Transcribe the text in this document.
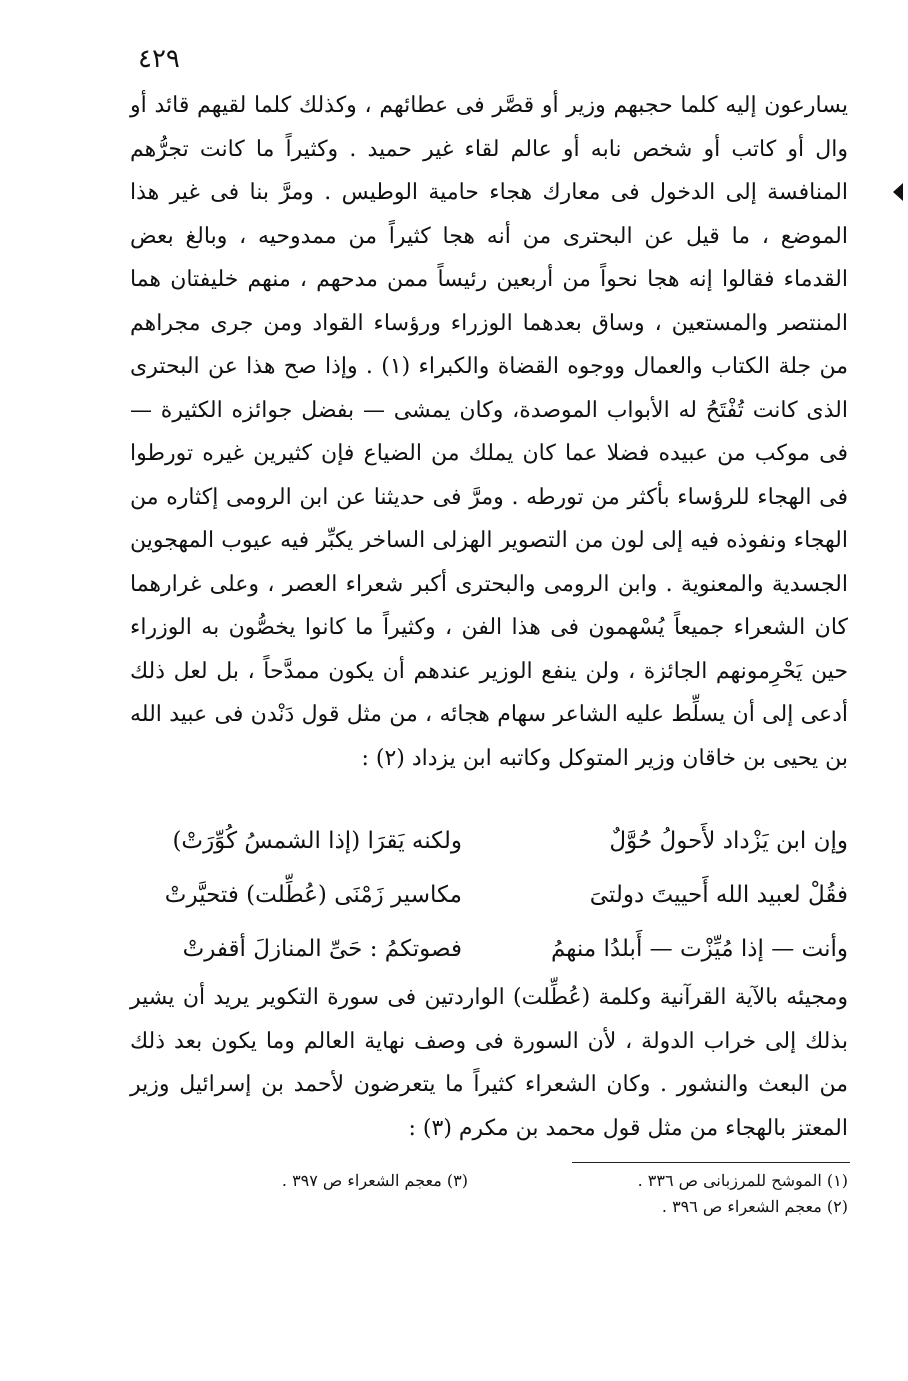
٤٢٩

يسارعون إليه كلما حجبهم وزير أو قصَّر فى عطائهم ، وكذلك كلما لقيهم قائد أو وال أو كاتب أو شخص نابه أو عالم لقاء غير حميد . وكثيراً ما كانت تجرُّهم المنافسة إلى الدخول فى معارك هجاء حامية الوطيس . ومرَّ بنا فى غير هذا الموضع ، ما قيل عن البحترى من أنه هجا كثيراً من ممدوحيه ، وبالغ بعض القدماء فقالوا إنه هجا نحواً من أربعين رئيساً ممن مدحهم ، منهم خليفتان هما المنتصر والمستعين ، وساق بعدهما الوزراء ورؤساء القواد ومن جرى مجراهم من جلة الكتاب والعمال ووجوه القضاة والكبراء (١) . وإذا صح هذا عن البحترى الذى كانت تُفْتَحُ له الأبواب الموصدة، وكان يمشى — بفضل جوائزه الكثيرة — فى موكب من عبيده فضلا عما كان يملك من الضياع فإن كثيرين غيره تورطوا فى الهجاء للرؤساء بأكثر من تورطه . ومرَّ فى حديثنا عن ابن الرومى إكثاره من الهجاء ونفوذه فيه إلى لون من التصوير الهزلى الساخر يكبِّر فيه عيوب المهجوين الجسدية والمعنوية . وابن الرومى والبحترى أكبر شعراء العصر ، وعلى غرارهما كان الشعراء جميعاً يُسْهمون فى هذا الفن ، وكثيراً ما كانوا يخصُّون به الوزراء حين يَحْرِمونهم الجائزة ، ولن ينفع الوزير عندهم أن يكون ممدَّحاً ، بل لعل ذلك أدعى إلى أن يسلِّط عليه الشاعر سهام هجائه ، من مثل قول دَنْدن فى عبيد الله بن يحيى بن خاقان وزير المتوكل وكاتبه ابن يزداد (٢) :

وإن ابن يَزْداد لأَحولُ حُوَّلٌ
ولكنه يَقرَا (إذا الشمسُ كُوِّرَتْ)
فقُلْ لعبيد الله أَحييتَ دولتىَ
مكاسير زَمْنَى (عُطِّلت) فتحيَّرتْ
وأنت — إذا مُيِّزْت — أَبلدُا منهمُ
فصوتكمُ : حَىِّ المنازلَ أقفرتْ

ومجيئه بالآية القرآنية وكلمة (عُطِّلت) الواردتين فى سورة التكوير يريد أن يشير بذلك إلى خراب الدولة ، لأن السورة فى وصف نهاية العالم وما يكون بعد ذلك من البعث والنشور . وكان الشعراء كثيراً ما يتعرضون لأحمد بن إسرائيل وزير المعتز بالهجاء من مثل قول محمد بن مكرم (٣) :

(١) الموشح للمرزبانى ص ٣٣٦ .
(٢) معجم الشعراء ص ٣٩٦ .
(٣) معجم الشعراء ص ٣٩٧ .
